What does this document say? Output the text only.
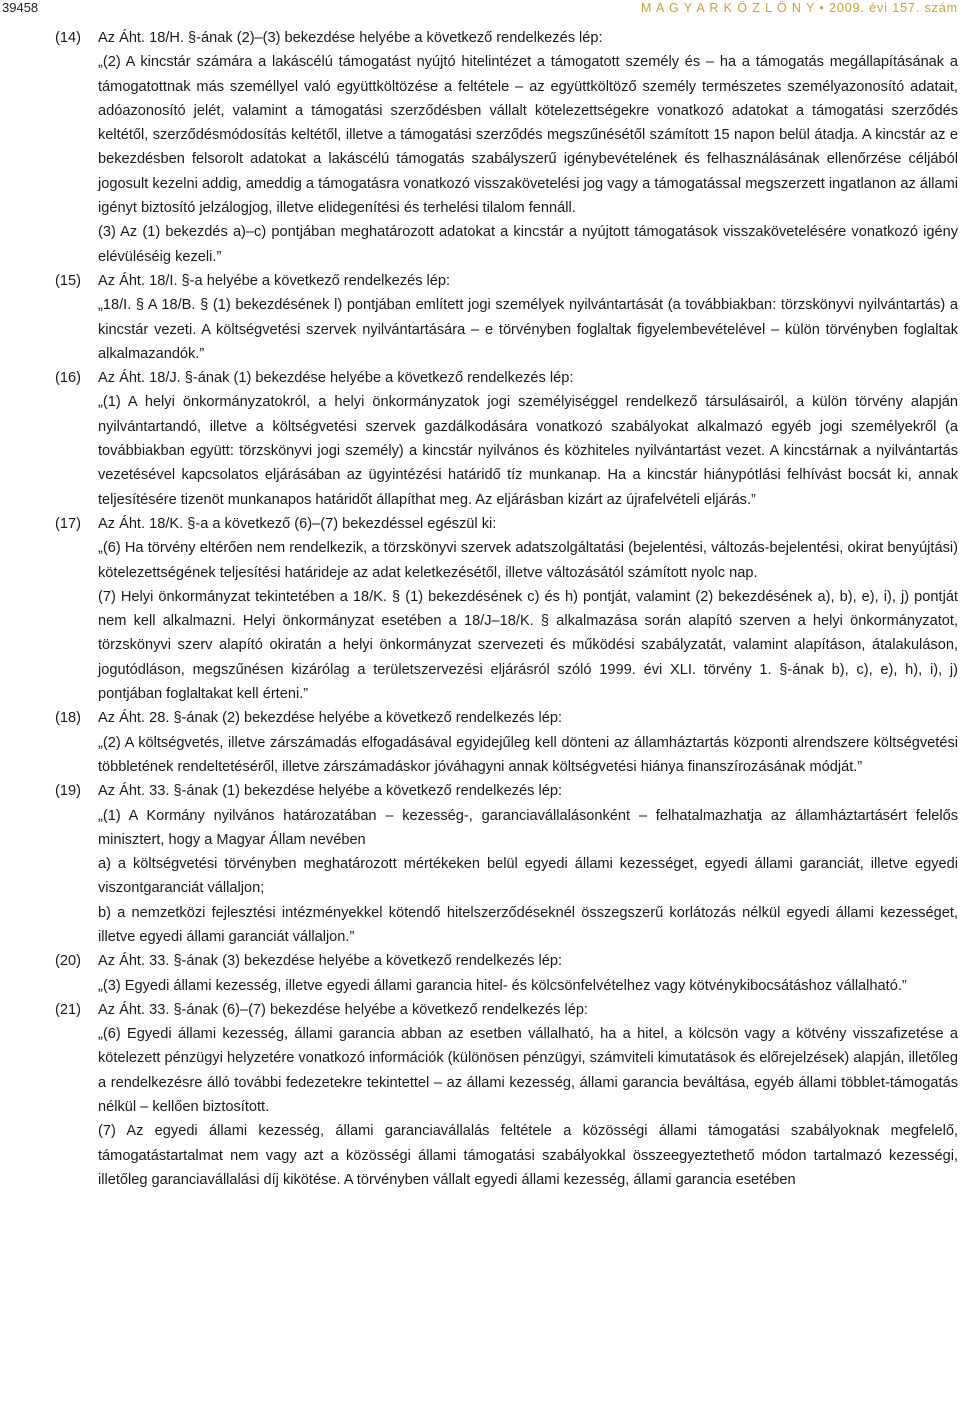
39458	M A G Y A R K Ö Z L Ö N Y • 2009. évi 157. szám
(14) Az Áht. 18/H. §-ának (2)–(3) bekezdése helyébe a következő rendelkezés lép:
„(2) A kincstár számára a lakáscélú támogatást nyújtó hitelintézet a támogatott személy és – ha a támogatás megállapításának a támogatottnak más személlyel való együttköltözése a feltétele – az együttköltöző személy természetes személyazonosító adatait, adóazonosító jelét, valamint a támogatási szerződésben vállalt kötelezettségekre vonatkozó adatokat a támogatási szerződés keltétől, szerződésmódosítás keltétől, illetve a támogatási szerződés megszűnésétől számított 15 napon belül átadja. A kincstár az e bekezdésben felsorolt adatokat a lakáscélú támogatás szabályszerű igénybevételének és felhasználásának ellenőrzése céljából jogosult kezelni addig, ameddig a támogatásra vonatkozó visszakövetelési jog vagy a támogatással megszerzett ingatlanon az állami igényt biztosító jelzálogjog, illetve elidegenítési és terhelési tilalom fennáll.
(3) Az (1) bekezdés a)–c) pontjában meghatározott adatokat a kincstár a nyújtott támogatások visszakövetelésére vonatkozó igény elévüléséig kezeli.”
(15) Az Áht. 18/I. §-a helyébe a következő rendelkezés lép:
„18/I. § A 18/B. § (1) bekezdésének l) pontjában említett jogi személyek nyilvántartását (a továbbiakban: törzskönyvi nyilvántartás) a kincstár vezeti. A költségvetési szervek nyilvántartására – e törvényben foglaltak figyelembevételével – külön törvényben foglaltak alkalmazandók.”
(16) Az Áht. 18/J. §-ának (1) bekezdése helyébe a következő rendelkezés lép:
„(1) A helyi önkormányzatokról, a helyi önkormányzatok jogi személyiséggel rendelkező társulásairól, a külön törvény alapján nyilvántartandó, illetve a költségvetési szervek gazdálkodására vonatkozó szabályokat alkalmazó egyéb jogi személyekről (a továbbiakban együtt: törzskönyvi jogi személy) a kincstár nyilvános és közhiteles nyilvántartást vezet. A kincstárnak a nyilvántartás vezetésével kapcsolatos eljárásában az ügyintézési határidő tíz munkanap. Ha a kincstár hiánypótlási felhívást bocsát ki, annak teljesítésére tizenöt munkanapos határidőt állapíthat meg. Az eljárásban kizárt az újrafelvételi eljárás.”
(17) Az Áht. 18/K. §-a a következő (6)–(7) bekezdéssel egészül ki:
„(6) Ha törvény eltérően nem rendelkezik, a törzskönyvi szervek adatszolgáltatási (bejelentési, változás-bejelentési, okirat benyújtási) kötelezettségének teljesítési határideje az adat keletkezésétől, illetve változásától számított nyolc nap.
(7) Helyi önkormányzat tekintetében a 18/K. § (1) bekezdésének c) és h) pontját, valamint (2) bekezdésének a), b), e), i), j) pontját nem kell alkalmazni. Helyi önkormányzat esetében a 18/J–18/K. § alkalmazása során alapító szerven a helyi önkormányzatot, törzskönyvi szerv alapító okiratán a helyi önkormányzat szervezeti és működési szabályzatát, valamint alapításon, átalakuláson, jogutódláson, megszűnésen kizárólag a területszervezési eljárásról szóló 1999. évi XLI. törvény 1. §-ának b), c), e), h), i), j) pontjában foglaltakat kell érteni.”
(18) Az Áht. 28. §-ának (2) bekezdése helyébe a következő rendelkezés lép:
„(2) A költségvetés, illetve zárszámadás elfogadásával egyidejűleg kell dönteni az államháztartás központi alrendszere költségvetési többletének rendeltetéséről, illetve zárszámadáskor jóváhagyni annak költségvetési hiánya finanszírozásának módját.”
(19) Az Áht. 33. §-ának (1) bekezdése helyébe a következő rendelkezés lép:
„(1) A Kormány nyilvános határozatában – kezesség-, garanciavállalásonként – felhatalmazhatja az államháztartásért felelős minisztert, hogy a Magyar Állam nevében
a) a költségvetési törvényben meghatározott mértékeken belül egyedi állami kezességet, egyedi állami garanciát, illetve egyedi viszontgaranciát vállaljon;
b) a nemzetközi fejlesztési intézményekkel kötendő hitelszerződéseknél összegszerű korlátozás nélkül egyedi állami kezességet, illetve egyedi állami garanciát vállaljon.”
(20) Az Áht. 33. §-ának (3) bekezdése helyébe a következő rendelkezés lép:
„(3) Egyedi állami kezesség, illetve egyedi állami garancia hitel- és kölcsönfelvételhez vagy kötvénykibocsátáshoz vállalható.”
(21) Az Áht. 33. §-ának (6)–(7) bekezdése helyébe a következő rendelkezés lép:
„(6) Egyedi állami kezesség, állami garancia abban az esetben vállalható, ha a hitel, a kölcsön vagy a kötvény visszafizetése a kötelezett pénzügyi helyzetére vonatkozó információk (különösen pénzügyi, számviteli kimutatások és előrejelzések) alapján, illetőleg a rendelkezésre álló további fedezetekre tekintettel – az állami kezesség, állami garancia beváltása, egyéb állami többlet-támogatás nélkül – kellően biztosított.
(7) Az egyedi állami kezesség, állami garanciavállalás feltétele a közösségi állami támogatási szabályoknak megfelelő, támogatástartalmat nem vagy azt a közösségi állami támogatási szabályokkal összeegyeztethető módon tartalmazó kezességi, illetőleg garanciavállalási díj kikötése. A törvényben vállalt egyedi állami kezesség, állami garancia esetében
